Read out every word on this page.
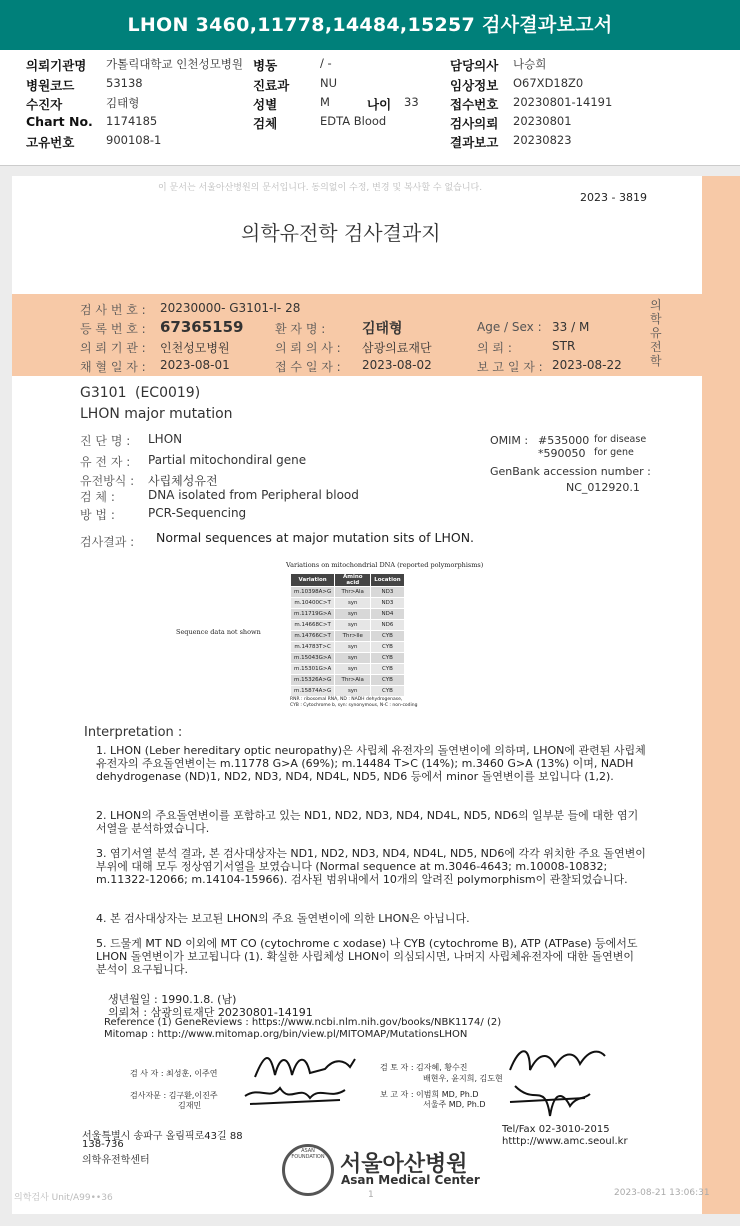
LHON 3460,11778,14484,15257 검사결과보고서
의뢰기관명 가톨릭대학교 인천성모병원 병동	/ -	담당의사 나승희
병원코드	53138	진료과	NU	임상정보 O67XD18Z0
수진자	김태형	성별	M	나이 33	접수번호 20230801-14191
Chart No. 1174185	검체	EDTA Blood	검사의뢰 20230801
고유번호	900108-1	결과보고 20230823
이 문서는 서울아산병원의 문서입니다. 동의없이 수정, 변경 및 복사할 수 없습니다.
2023 - 3819
의학유전학 검사결과지
의학유전학
검 사 번 호 : 20230000- G3101-I- 28
등 록 번 호 : 67365159	환 자 명 :	김태형	Age / Sex : 33 / M
의 뢰 기 관 : 인천성모병원	의 뢰 의 사 : 삼광의료재단	의 뢰 :	STR
채 혈 일 자 : 2023-08-01	접 수 일 자 : 2023-08-02	보 고 일 자 : 2023-08-22
G3101 (EC0019)
LHON major mutation
진 단 명 : LHON
유 전 자 : Partial mitochondiral gene
유전방식 : 사립체성유전
검 체 :	DNA isolated from Peripheral blood
방 법 :	PCR-Sequencing
OMIM : #535000 for disease
*590050 for gene
GenBank accession number :
NC_012920.1
검사결과 : Normal sequences at major mutation sits of LHON.
Variations on mitochondrial DNA (reported polymorphisms)
Sequence data not shown
Variation	Amino acid	Location
m.10398A>G	Thr>Ala	ND3
m.10400C>T	syn	ND3
m.11719G>A	syn	ND4
m.14668C>T	syn	ND6
m.14766C>T	Thr>Ile	CYB
m.14783T>C	syn	CYB
m.15043G>A	syn	CYB
m.15301G>A	syn	CYB
m.15326A>G	Thr>Ala	CYB
m.15874A>G	syn	CYB
RNR : ribosomal RNA, ND : NADH dehydrogenase,
CYB : Cytochrome b, syn: synonymous, N-C : non-coding
Interpretation :
1. LHON (Leber hereditary optic neuropathy)은 사립체 유전자의 돌연변이에 의하며, LHON에 관련된 사립체 유전자의 주요돌연변이는 m.11778 G>A (69%); m.14484 T>C (14%); m.3460 G>A (13%) 이며, NADH dehydrogenase (ND)1, ND2, ND3, ND4, ND4L, ND5, ND6 등에서 minor 돌연변이를 보입니다 (1,2).
2. LHON의 주요돌연변이를 포함하고 있는 ND1, ND2, ND3, ND4, ND4L, ND5, ND6의 일부분 들에 대한 염기서열을 분석하였습니다.
3. 염기서열 분석 결과, 본 검사대상자는 ND1, ND2, ND3, ND4, ND4L, ND5, ND6에 각각 위치한 주요 돌연변이 부위에 대해 모두 정상염기서열을 보였습니다 (Normal sequence at m.3046-4643; m.10008-10832; m.11322-12066; m.14104-15966). 검사된 범위내에서 10개의 알려진 polymorphism이 관찰되었습니다.
4. 본 검사대상자는 보고된 LHON의 주요 돌연변이에 의한 LHON은 아닙니다.
5. 드물게 MT ND 이외에 MT CO (cytochrome c xodase) 나 CYB (cytochrome B), ATP (ATPase) 등에서도 LHON 돌연변이가 보고됩니다 (1). 확실한 사립체성 LHON이 의심되시면, 나머지 사립체유전자에 대한 돌연변이 분석이 요구됩니다.
생년월일 : 1990.1.8. (남)
의뢰처 : 삼광의료재단 20230801-14191
Reference (1) GeneReviews : https://www.ncbi.nlm.nih.gov/books/NBK1174/ (2) Mitomap : http://www.mitomap.org/bin/view.pl/MITOMAP/MutationsLHON
검 사 자 : 최성훈, 이주연
검사자문 : 김구환,이진주
김재민
검 토 자 : 김자혜, 황수진
배현우, 윤지희, 김도현
보 고 자 : 이범희 MD, Ph.D
서울주 MD, Ph.D
서울특별시 송파구 올림픽로43길 88
138-736
의학유전학센터
Tel/Fax 02-3010-2015
htttp://www.amc.seoul.kr
ASAN FOUNDATION 서울아산병원
Asan Medical Center
의학검사 Unit/A99••36	1	2023-08-21 13:06:31
